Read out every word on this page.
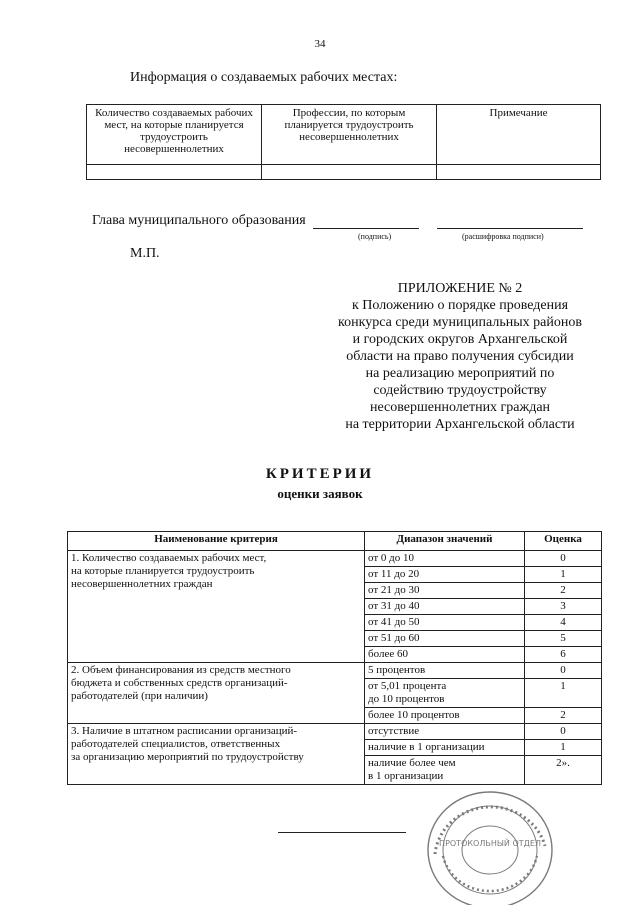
34
Информация о создаваемых рабочих местах:
Количество создаваемых рабочих мест, на которые планируется трудоустроить несовершеннолетних	Профессии, по которым планируется трудоустроить несовершеннолетних	Примечание

Глава муниципального образования
(подпись)	(расшифровка подписи)
М.П.
ПРИЛОЖЕНИЕ № 2
к Положению о порядке проведения
конкурса среди муниципальных районов
и городских округов Архангельской
области на право получения субсидии
на реализацию мероприятий по
содействию трудоустройству
несовершеннолетних граждан
на территории Архангельской области
КРИТЕРИИ
оценки заявок
Наименование критерия	Диапазон значений	Оценка

1. Количество создаваемых рабочих мест,
на которые планируется трудоустроить
несовершеннолетних граждан	от 0 до 10	0
	от 11 до 20	1
	от 21 до 30	2
	от 31 до 40	3
	от 41 до 50	4
	от 51 до 60	5
	более 60	6

2. Объем финансирования из средств местного
бюджета и собственных средств организаций-
работодателей (при наличии)	5 процентов	0

	от 5,01 процента
до 10 процентов	1
	более 10 процентов	2

3. Наличие в штатном расписании организаций-
работодателей специалистов, ответственных
за организацию мероприятий по трудоустройству	отсутствие	0
	наличие в 1 организации	1

	наличие более чем
в 1 организации	2».
ПРОТОКОЛЬНЫЙ ОТДЕЛ
